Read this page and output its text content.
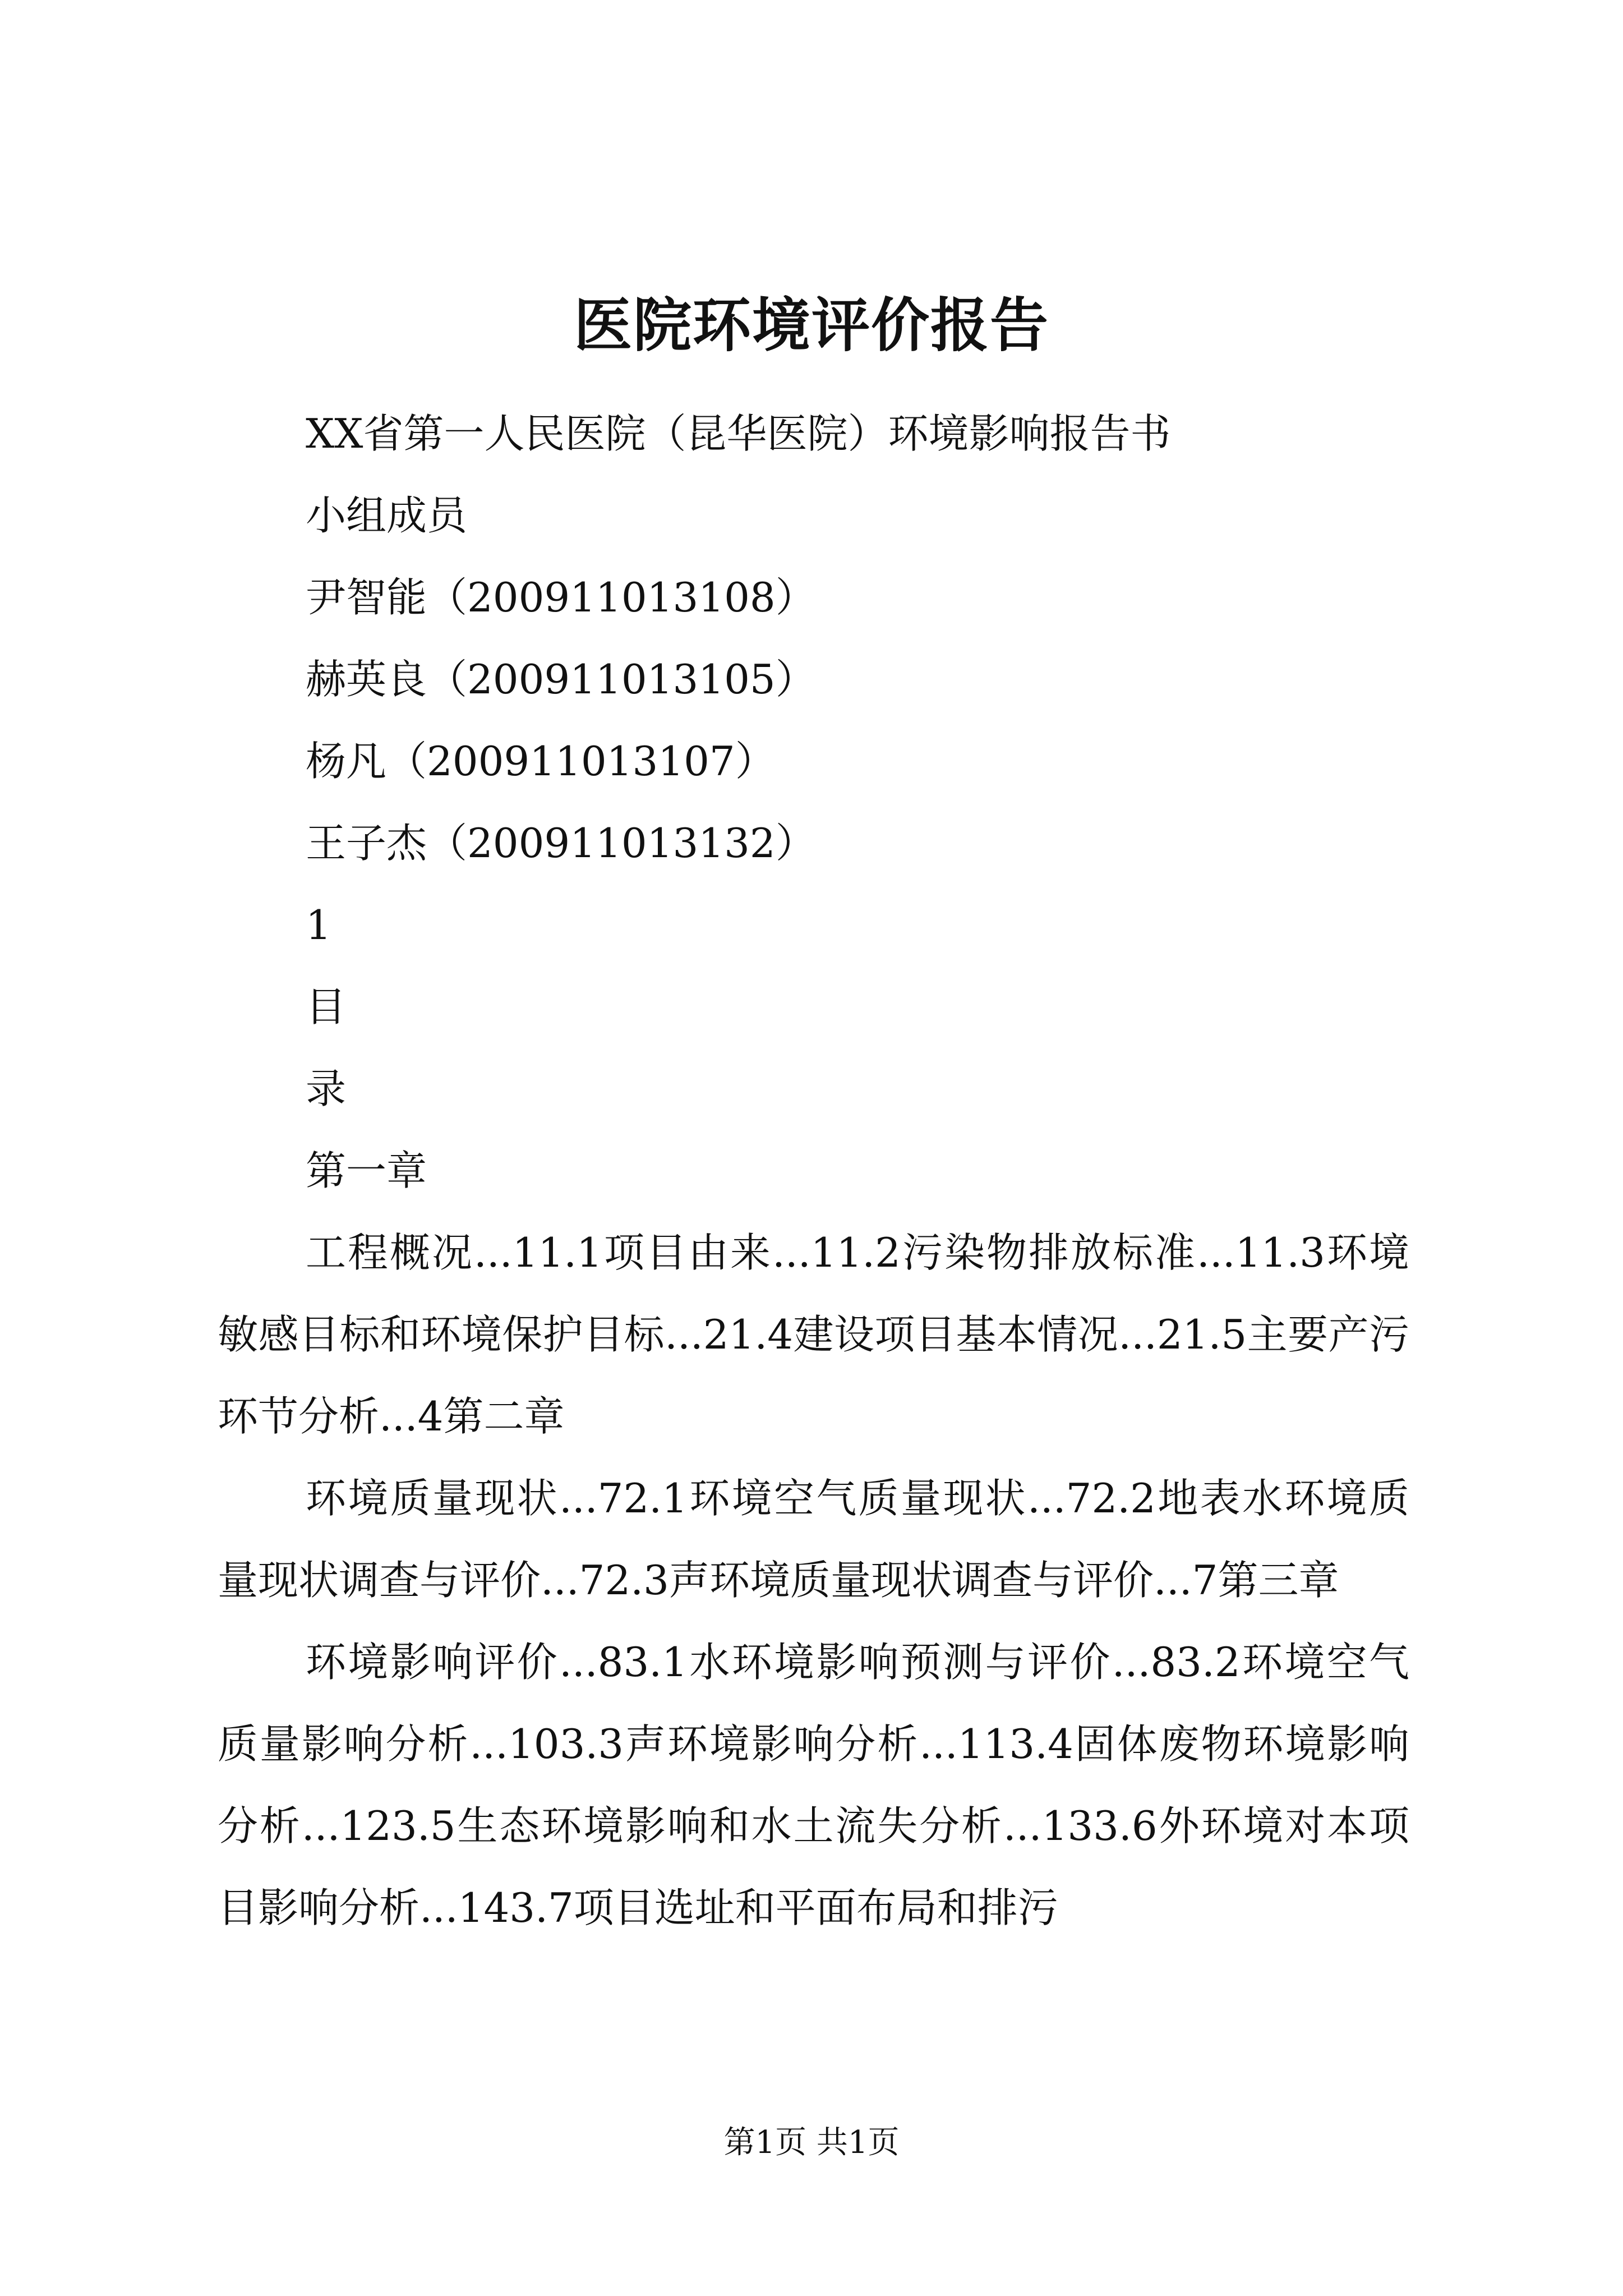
医院环境评价报告
XX省第一人民医院（昆华医院）环境影响报告书
小组成员
尹智能（200911013108）
赫英良（200911013105）
杨凡（200911013107）
王子杰（200911013132）
1
目
录
第一章
工程概况...11.1项目由来...11.2污染物排放标准...11.3环境敏感目标和环境保护目标...21.4建设项目基本情况...21.5主要产污环节分析...4第二章
环境质量现状...72.1环境空气质量现状...72.2地表水环境质量现状调查与评价...72.3声环境质量现状调查与评价...7第三章
环境影响评价...83.1水环境影响预测与评价...83.2环境空气质量影响分析...103.3声环境影响分析...113.4固体废物环境影响分析...123.5生态环境影响和水土流失分析...133.6外环境对本项目影响分析...143.7项目选址和平面布局和排污
第1页 共1页
